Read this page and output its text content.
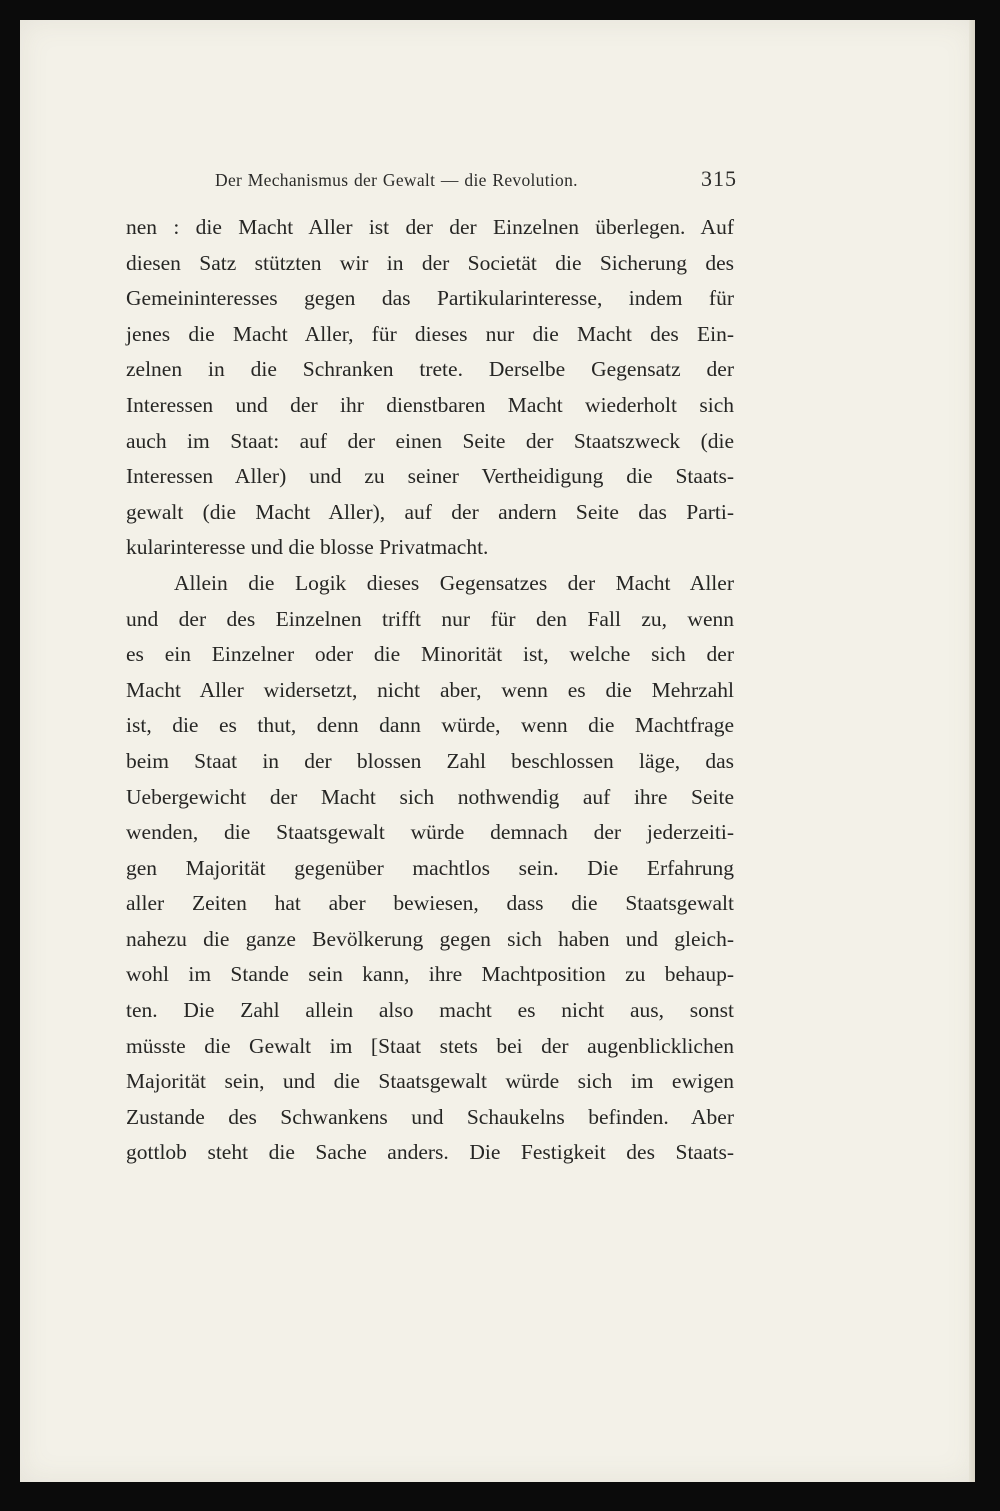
Der Mechanismus der Gewalt — die Revolution.	315
nen : die Macht Aller ist der der Einzelnen überlegen. Auf
diesen Satz stützten wir in der Societät die Sicherung des
Gemeininteresses gegen das Partikularinteresse, indem für
jenes die Macht Aller, für dieses nur die Macht des Ein-
zelnen in die Schranken trete. Derselbe Gegensatz der
Interessen und der ihr dienstbaren Macht wiederholt sich
auch im Staat: auf der einen Seite der Staatszweck (die
Interessen Aller) und zu seiner Vertheidigung die Staats-
gewalt (die Macht Aller), auf der andern Seite das Parti-
kularinteresse und die blosse Privatmacht.
Allein die Logik dieses Gegensatzes der Macht Aller
und der des Einzelnen trifft nur für den Fall zu, wenn
es ein Einzelner oder die Minorität ist, welche sich der
Macht Aller widersetzt, nicht aber, wenn es die Mehrzahl
ist, die es thut, denn dann würde, wenn die Machtfrage
beim Staat in der blossen Zahl beschlossen läge, das
Uebergewicht der Macht sich nothwendig auf ihre Seite
wenden, die Staatsgewalt würde demnach der jederzeiti-
gen Majorität gegenüber machtlos sein. Die Erfahrung
aller Zeiten hat aber bewiesen, dass die Staatsgewalt
nahezu die ganze Bevölkerung gegen sich haben und gleich-
wohl im Stande sein kann, ihre Machtposition zu behaup-
ten. Die Zahl allein also macht es nicht aus, sonst
müsste die Gewalt im [Staat stets bei der augenblicklichen
Majorität sein, und die Staatsgewalt würde sich im ewigen
Zustande des Schwankens und Schaukelns befinden. Aber
gottlob steht die Sache anders. Die Festigkeit des Staats-
